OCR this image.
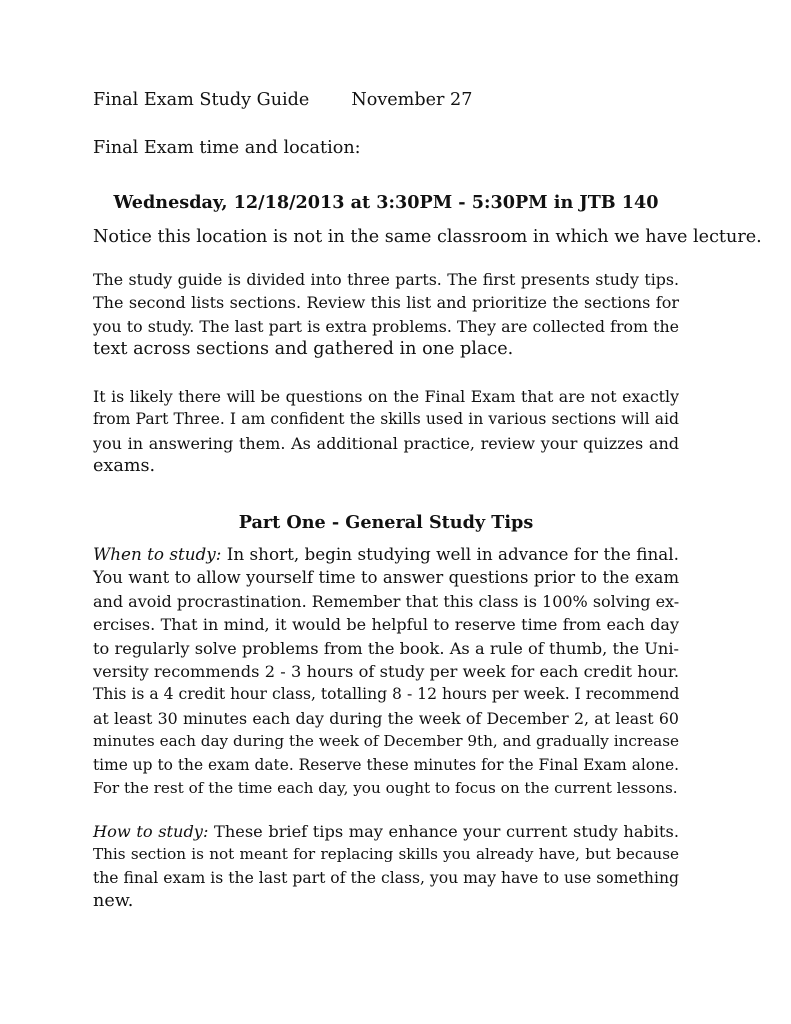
Final Exam Study Guide November 27
Final Exam time and location:
Wednesday, 12/18/2013 at 3:30PM - 5:30PM in JTB 140
Notice this location is not in the same classroom in which we have lecture.
The study guide is divided into three parts. The first presents study tips.
The second lists sections. Review this list and prioritize the sections for
you to study. The last part is extra problems. They are collected from the
text across sections and gathered in one place.
It is likely there will be questions on the Final Exam that are not exactly
from Part Three. I am confident the skills used in various sections will aid
you in answering them. As additional practice, review your quizzes and
exams.
Part One - General Study Tips
When to study: In short, begin studying well in advance for the final.
You want to allow yourself time to answer questions prior to the exam
and avoid procrastination. Remember that this class is 100% solving ex-
ercises. That in mind, it would be helpful to reserve time from each day
to regularly solve problems from the book. As a rule of thumb, the Uni-
versity recommends 2 - 3 hours of study per week for each credit hour.
This is a 4 credit hour class, totalling 8 - 12 hours per week. I recommend
at least 30 minutes each day during the week of December 2, at least 60
minutes each day during the week of December 9th, and gradually increase
time up to the exam date. Reserve these minutes for the Final Exam alone.
For the rest of the time each day, you ought to focus on the current lessons.
How to study: These brief tips may enhance your current study habits.
This section is not meant for replacing skills you already have, but because
the final exam is the last part of the class, you may have to use something
new.
